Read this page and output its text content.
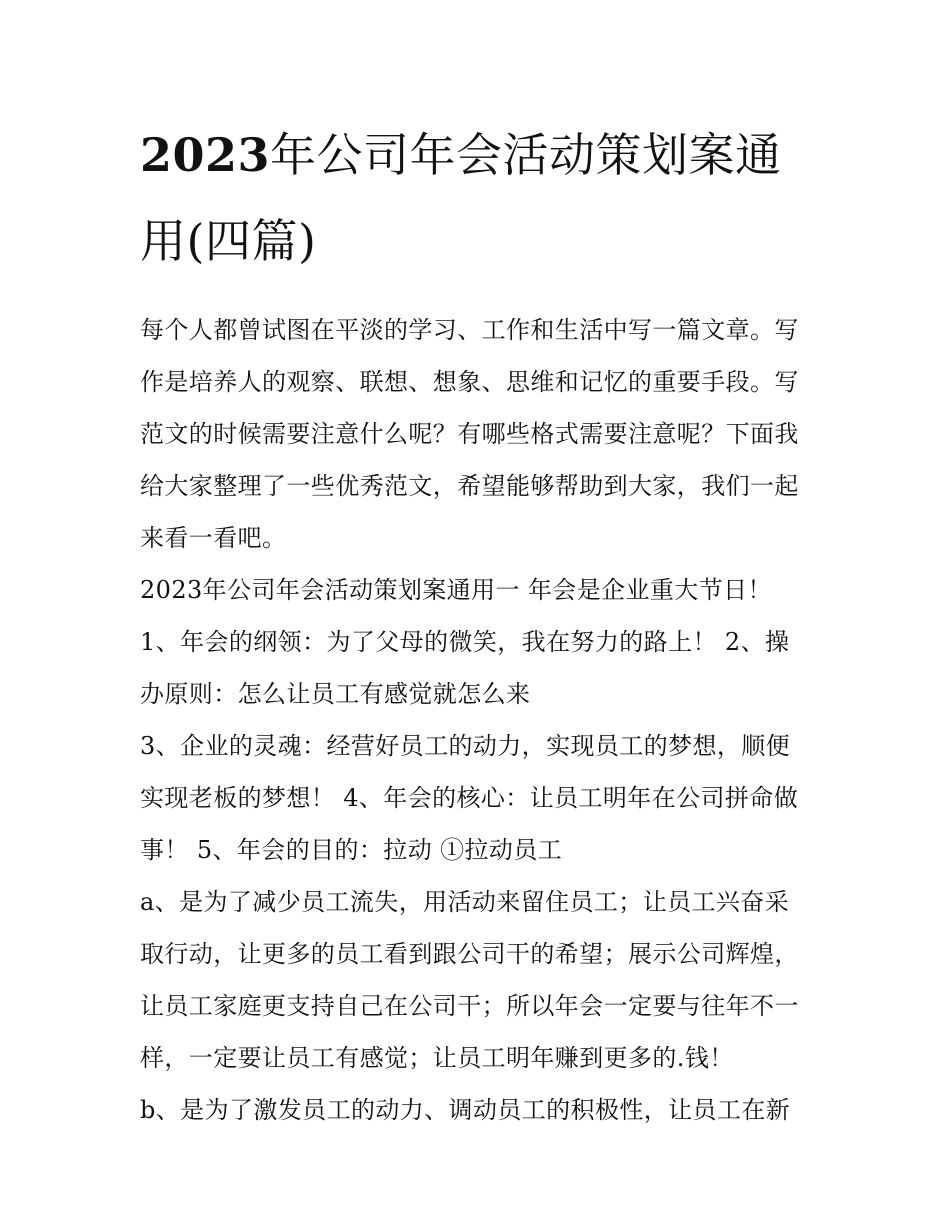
2023年公司年会活动策划案通用(四篇)

每个人都曾试图在平淡的学习、工作和生活中写一篇文章。写作是培养人的观察、联想、想象、思维和记忆的重要手段。写范文的时候需要注意什么呢？有哪些格式需要注意呢？下面我给大家整理了一些优秀范文，希望能够帮助到大家，我们一起来看一看吧。

2023年公司年会活动策划案通用一 年会是企业重大节日！

1、年会的纲领：为了父母的微笑，我在努力的路上！ 2、操办原则：怎么让员工有感觉就怎么来

3、企业的灵魂：经营好员工的动力，实现员工的梦想，顺便实现老板的梦想！ 4、年会的核心：让员工明年在公司拼命做事！ 5、年会的目的：拉动 ①拉动员工

a、是为了减少员工流失，用活动来留住员工；让员工兴奋采取行动，让更多的员工看到跟公司干的希望；展示公司辉煌，让员工家庭更支持自己在公司干；所以年会一定要与往年不一样，一定要让员工有感觉；让员工明年赚到更多的.钱！

b、是为了激发员工的动力、调动员工的积极性，让员工在新
